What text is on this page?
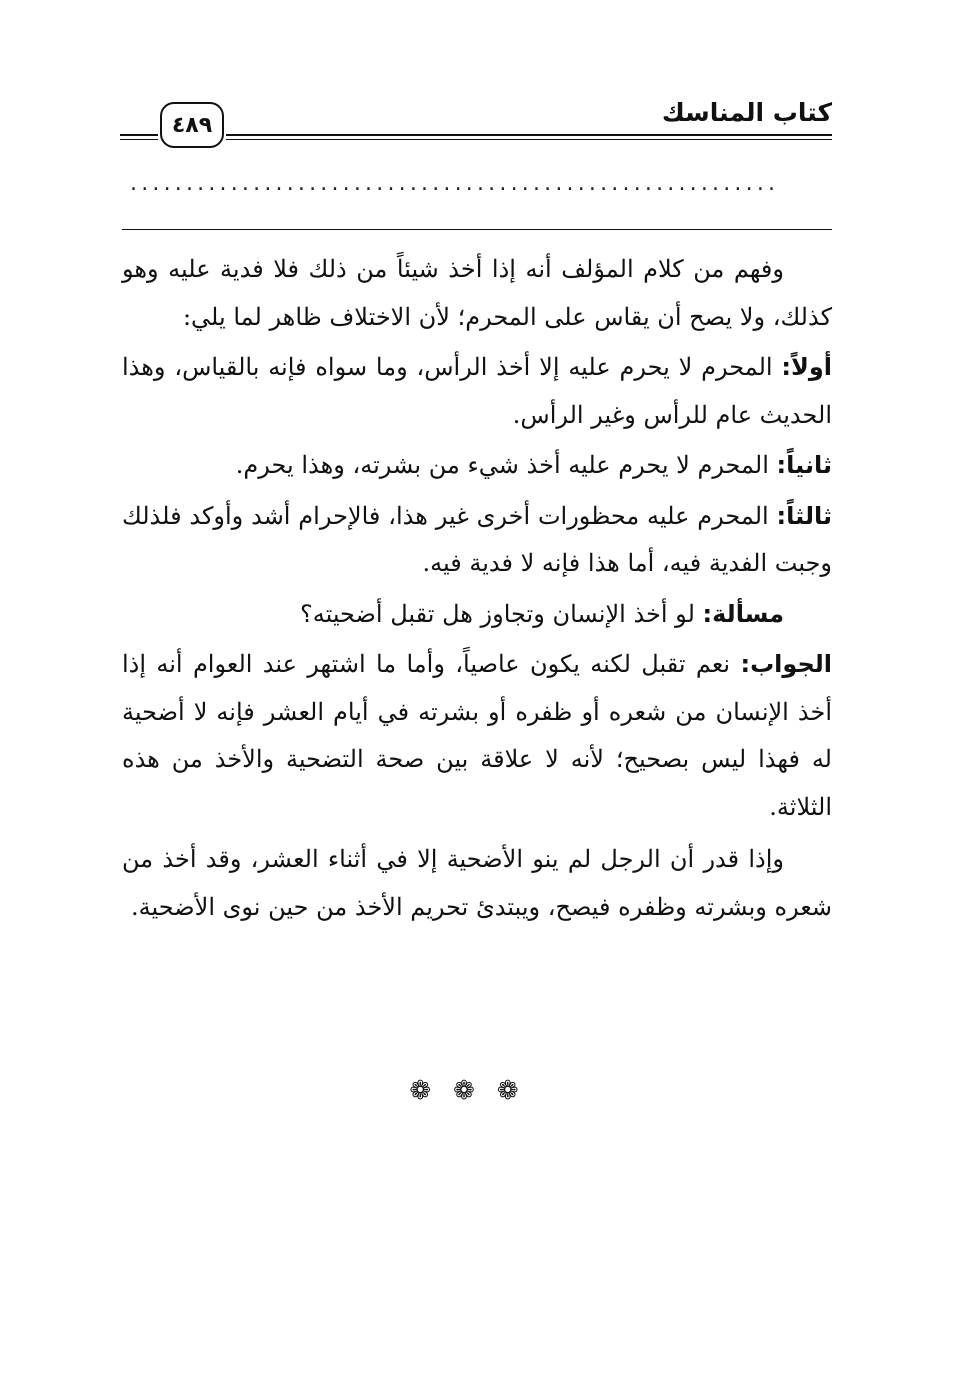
كتاب المناسك
٤٨٩
..........................................................

وفهم من كلام المؤلف أنه إذا أخذ شيئاً من ذلك فلا فدية عليه وهو كذلك، ولا يصح أن يقاس على المحرم؛ لأن الاختلاف ظاهر لما يلي:

أولاً: المحرم لا يحرم عليه إلا أخذ الرأس، وما سواه فإنه بالقياس، وهذا الحديث عام للرأس وغير الرأس.

ثانياً: المحرم لا يحرم عليه أخذ شيء من بشرته، وهذا يحرم.

ثالثاً: المحرم عليه محظورات أخرى غير هذا، فالإحرام أشد وأوكد فلذلك وجبت الفدية فيه، أما هذا فإنه لا فدية فيه.

مسألة: لو أخذ الإنسان وتجاوز هل تقبل أضحيته؟

الجواب: نعم تقبل لكنه يكون عاصياً، وأما ما اشتهر عند العوام أنه إذا أخذ الإنسان من شعره أو ظفره أو بشرته في أيام العشر فإنه لا أضحية له فهذا ليس بصحيح؛ لأنه لا علاقة بين صحة التضحية والأخذ من هذه الثلاثة.

وإذا قدر أن الرجل لم ينو الأضحية إلا في أثناء العشر، وقد أخذ من شعره وبشرته وظفره فيصح، ويبتدئ تحريم الأخذ من حين نوى الأضحية.

❁❁❁
